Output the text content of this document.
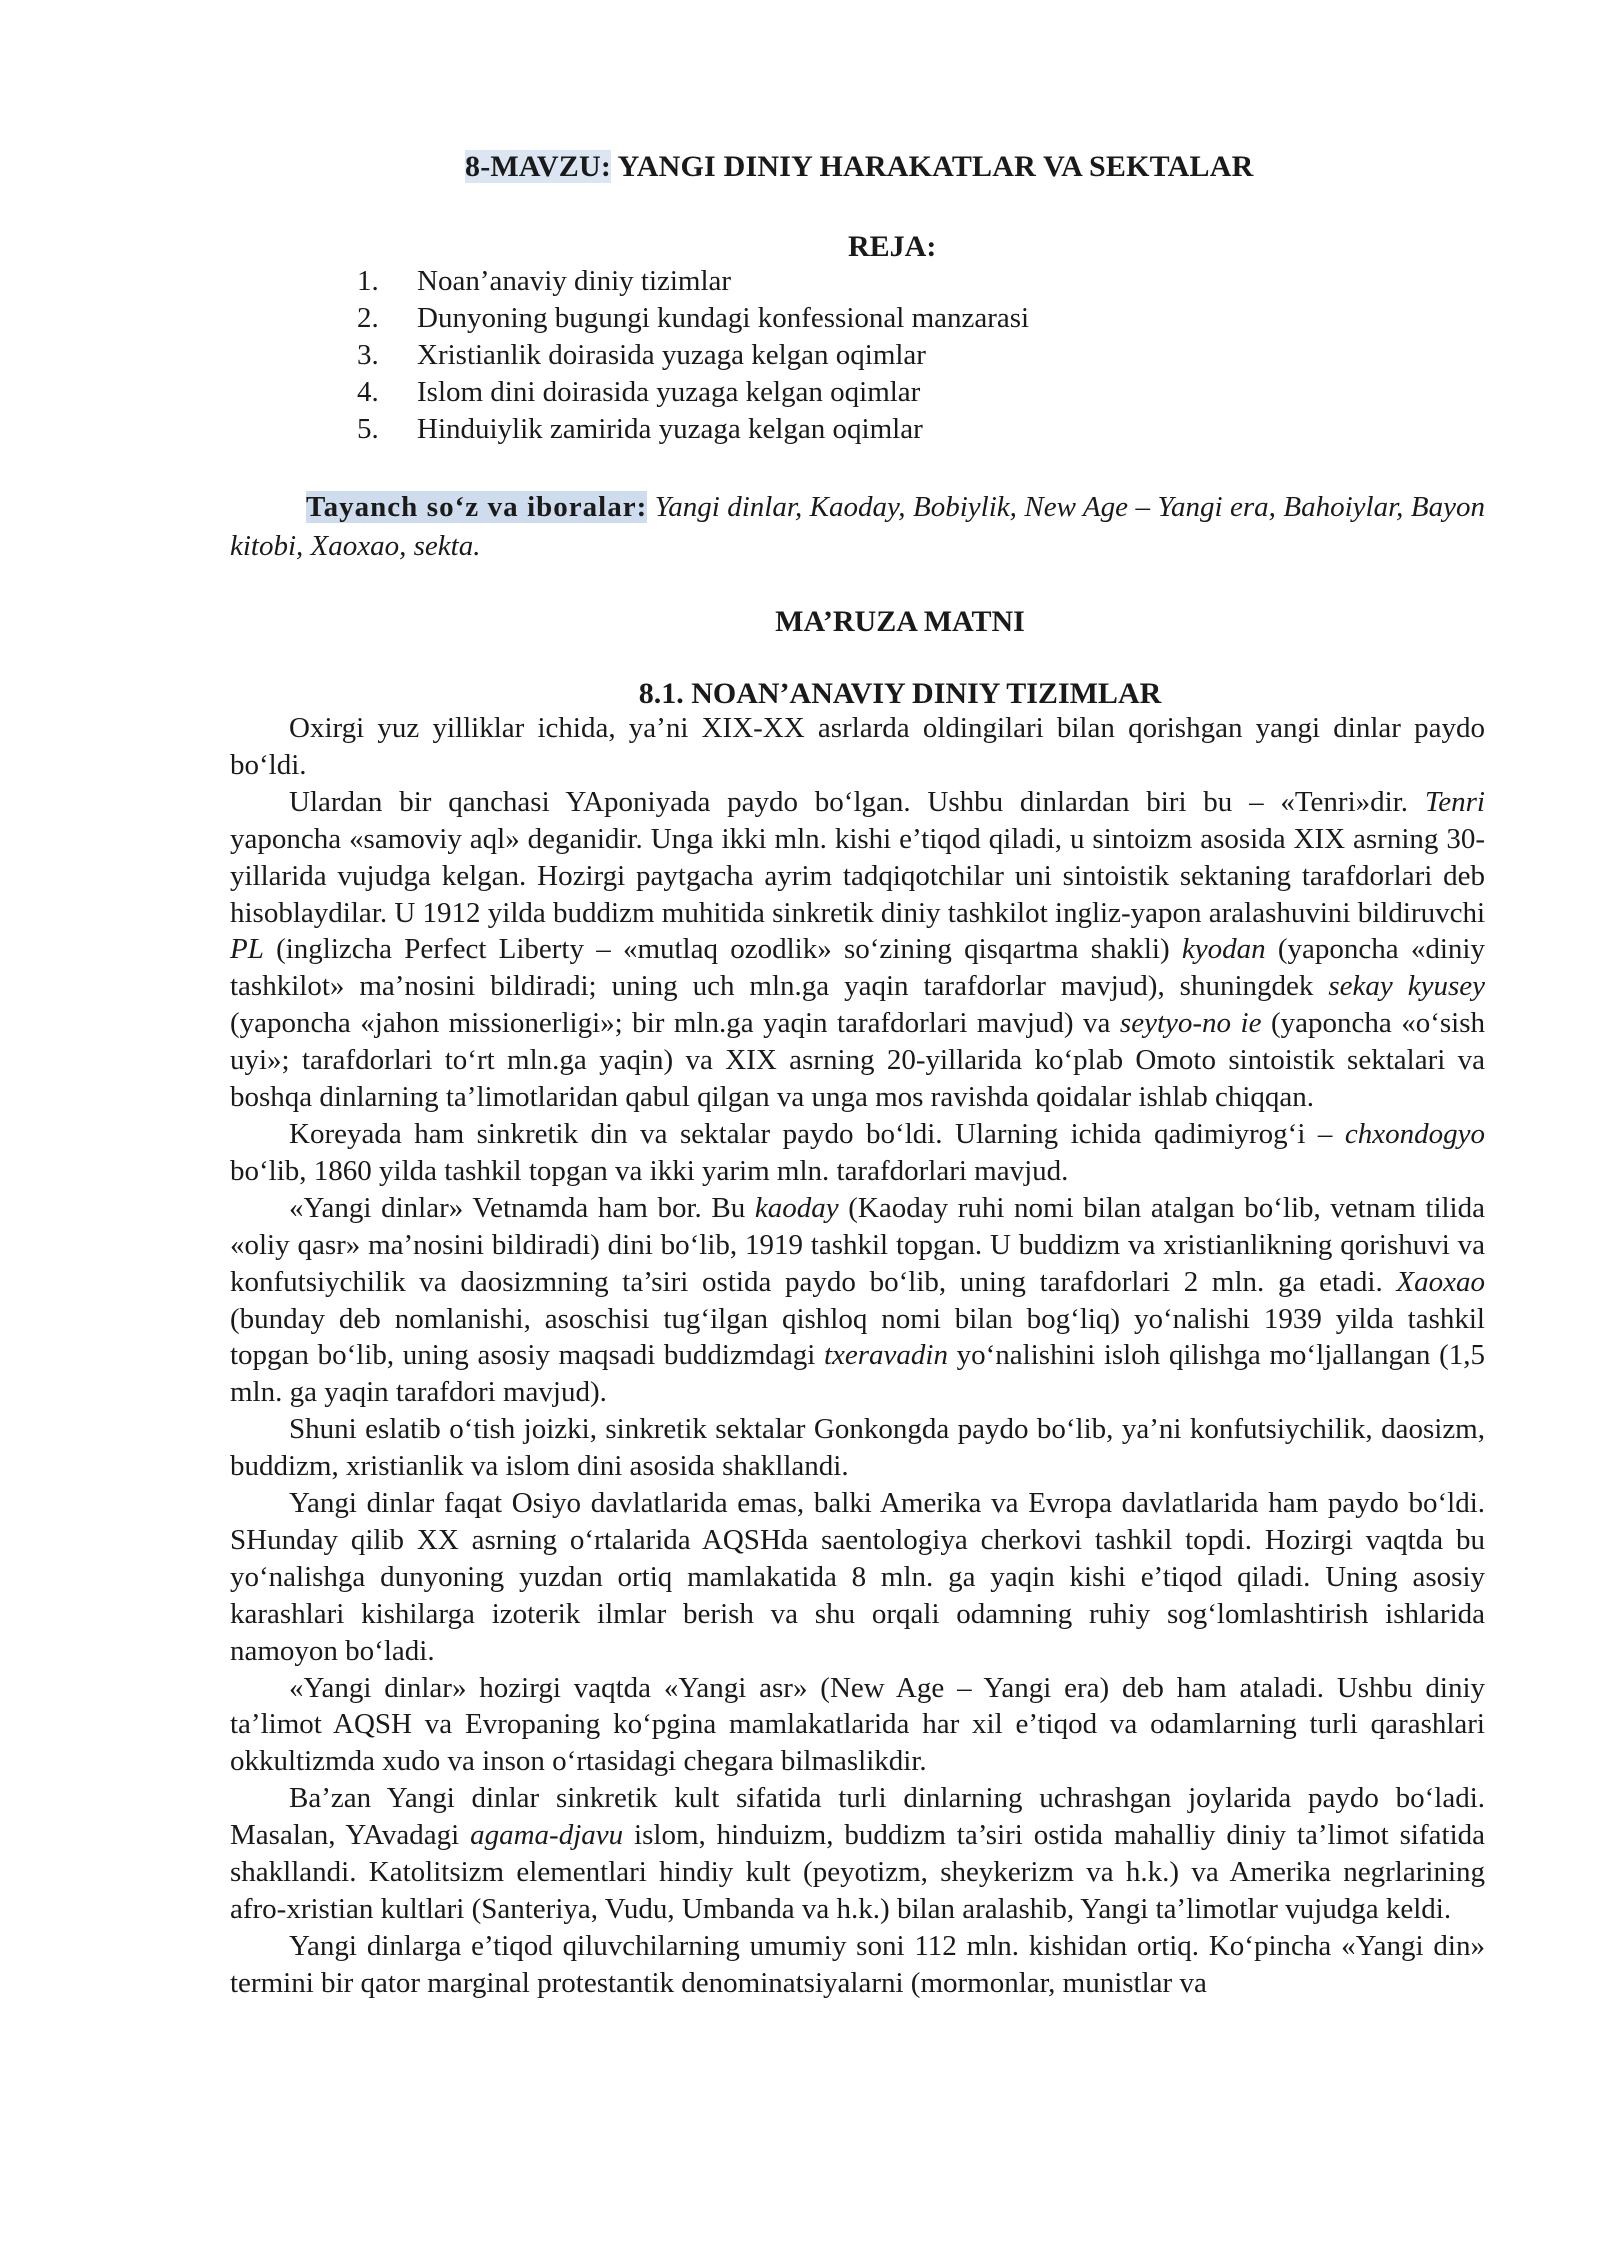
8-MAVZU: YANGI DINIY HARAKATLAR VA SEKTALAR
REJA:
1. Noan’anaviy diniy tizimlar
2. Dunyoning bugungi kundagi konfessional manzarasi
3. Xristianlik doirasida yuzaga kelgan oqimlar
4. Islom dini doirasida yuzaga kelgan oqimlar
5. Hinduiylik zamirida yuzaga kelgan oqimlar

Tayanch so‘z va iboralar: Yangi dinlar, Kaoday, Bobiylik, New Age – Yangi era, Bahoiylar, Bayon kitobi, Xaoxao, sekta.

MA’RUZA MATNI
8.1. NOAN’ANAVIY DINIY TIZIMLAR

Oxirgi yuz yilliklar ichida, ya’ni XIX-XX asrlarda oldingilari bilan qorishgan yangi dinlar paydo bo‘ldi.

Ulardan bir qanchasi YAponiyada paydo bo‘lgan. Ushbu dinlardan biri bu – «Tenri»dir. Tenri yaponcha «samoviy aql» deganidir. Unga ikki mln. kishi e’tiqod qiladi, u sintoizm asosida XIX asrning 30-yillarida vujudga kelgan. Hozirgi paytgacha ayrim tadqiqotchilar uni sintoistik sektaning tarafdorlari deb hisoblaydilar. U 1912 yilda buddizm muhitida sinkretik diniy tashkilot ingliz-yapon aralashuvini bildiruvchi PL (inglizcha Perfect Liberty – «mutlaq ozodlik» so‘zining qisqartma shakli) kyodan (yaponcha «diniy tashkilot» ma’nosini bildiradi; uning uch mln.ga yaqin tarafdorlar mavjud), shuningdek sekay kyusey (yaponcha «jahon missionerligi»; bir mln.ga yaqin tarafdorlari mavjud) va seytyo-no ie (yaponcha «o‘sish uyi»; tarafdorlari to‘rt mln.ga yaqin) va XIX asrning 20-yillarida ko‘plab Omoto sintoistik sektalari va boshqa dinlarning ta’limotlaridan qabul qilgan va unga mos ravishda qoidalar ishlab chiqqan.

Koreyada ham sinkretik din va sektalar paydo bo‘ldi. Ularning ichida qadimiyrog‘i – chxondogyo bo‘lib, 1860 yilda tashkil topgan va ikki yarim mln. tarafdorlari mavjud.

«Yangi dinlar» Vetnamda ham bor. Bu kaoday (Kaoday ruhi nomi bilan atalgan bo‘lib, vetnam tilida «oliy qasr» ma’nosini bildiradi) dini bo‘lib, 1919 tashkil topgan. U buddizm va xristianlikning qorishuvi va konfutsiychilik va daosizmning ta’siri ostida paydo bo‘lib, uning tarafdorlari 2 mln. ga etadi. Xaoxao (bunday deb nomlanishi, asoschisi tug‘ilgan qishloq nomi bilan bog‘liq) yo‘nalishi 1939 yilda tashkil topgan bo‘lib, uning asosiy maqsadi buddizmdagi txeravadin yo‘nalishini isloh qilishga mo‘ljallangan (1,5 mln. ga yaqin tarafdori mavjud).

Shuni eslatib o‘tish joizki, sinkretik sektalar Gonkongda paydo bo‘lib, ya’ni konfutsiychilik, daosizm, buddizm, xristianlik va islom dini asosida shakllandi.

Yangi dinlar faqat Osiyo davlatlarida emas, balki Amerika va Evropa davlatlarida ham paydo bo‘ldi. SHunday qilib XX asrning o‘rtalarida AQSHda saentologiya cherkovi tashkil topdi. Hozirgi vaqtda bu yo‘nalishga dunyoning yuzdan ortiq mamlakatida 8 mln. ga yaqin kishi e’tiqod qiladi. Uning asosiy karashlari kishilarga izoterik ilmlar berish va shu orqali odamning ruhiy sog‘lomlashtirish ishlarida namoyon bo‘ladi.

«Yangi dinlar» hozirgi vaqtda «Yangi asr» (New Age – Yangi era) deb ham ataladi. Ushbu diniy ta’limot AQSH va Evropaning ko‘pgina mamlakatlarida har xil e’tiqod va odamlarning turli qarashlari okkultizmda xudo va inson o‘rtasidagi chegara bilmaslikdir.

Ba’zan Yangi dinlar sinkretik kult sifatida turli dinlarning uchrashgan joylarida paydo bo‘ladi. Masalan, YAvadagi agama-djavu islom, hinduizm, buddizm ta’siri ostida mahalliy diniy ta’limot sifatida shakllandi. Katolitsizm elementlari hindiy kult (peyotizm, sheykerizm va h.k.) va Amerika negrlarining afro-xristian kultlari (Santeriya, Vudu, Umbanda va h.k.) bilan aralashib, Yangi ta’limotlar vujudga keldi.

Yangi dinlarga e’tiqod qiluvchilarning umumiy soni 112 mln. kishidan ortiq. Ko‘pincha «Yangi din» termini bir qator marginal protestantik denominatsiyalarni (mormonlar, munistlar va
